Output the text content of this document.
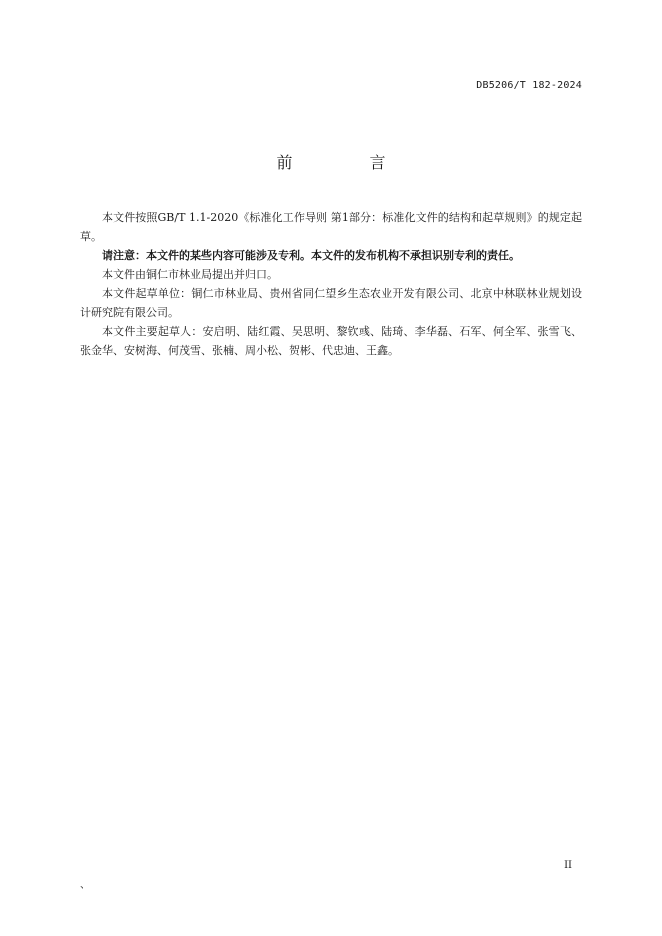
DB5206/T 182-2024
前 言

本文件按照GB/T 1.1-2020《标准化工作导则 第1部分：标准化文件的结构和起草规则》的规定起草。

请注意：本文件的某些内容可能涉及专利。本文件的发布机构不承担识别专利的责任。

本文件由铜仁市林业局提出并归口。

本文件起草单位：铜仁市林业局、贵州省同仁望乡生态农业开发有限公司、北京中林联林业规划设计研究院有限公司。

本文件主要起草人：安启明、陆红霞、吴思明、黎钦彧、陆琦、李华磊、石军、何全军、张雪飞、张金华、安树海、何茂雪、张楠、周小松、贺彬、代忠迪、王鑫。

II
、
